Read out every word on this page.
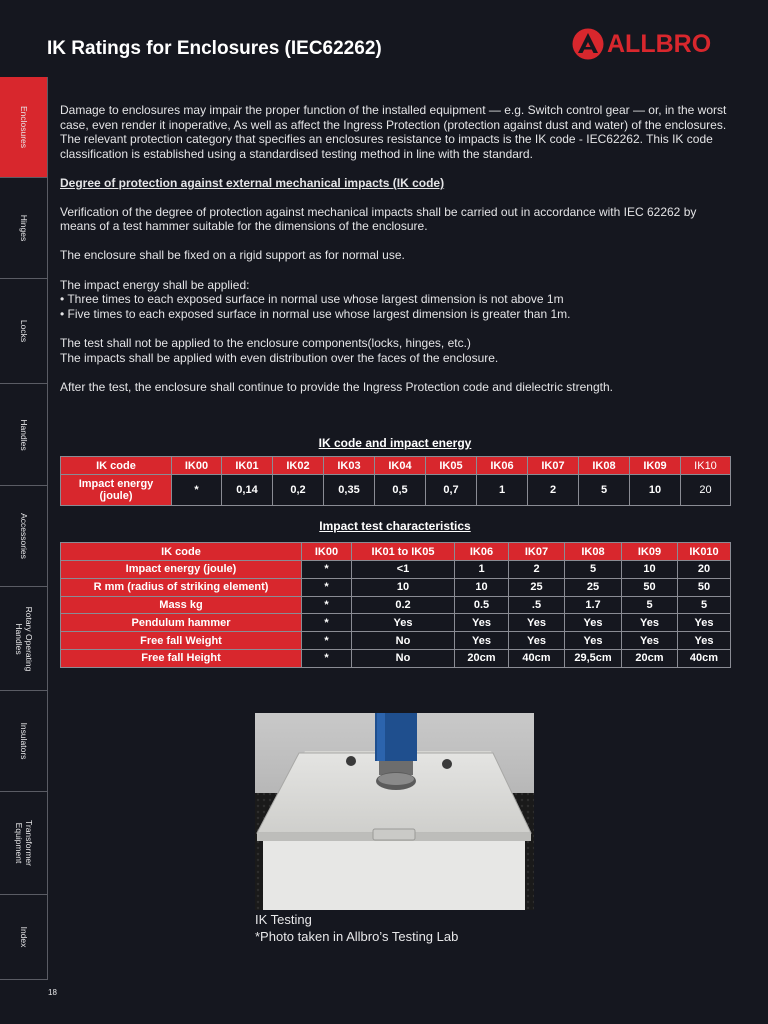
IK Ratings for Enclosures (IEC62262)	ALLBRO
Enclosures
Hinges
Locks
Handles
Accessories
Rotary Operating Handles
Insulators
Transformer Equipment
Index

Damage to enclosures may impair the proper function of the installed equipment — e.g. Switch control gear — or, in the worst case, even render it inoperative, As well as affect the Ingress Protection (protection against dust and water) of the enclosures. The relevant protection category that specifies an enclosures resistance to impacts is the IK code - IEC62262. This IK code classification is established using a standardised testing method in line with the standard.

Degree of protection against external mechanical impacts (IK code)

Verification of the degree of protection against mechanical impacts shall be carried out in accordance with IEC 62262 by means of a test hammer suitable for the dimensions of the enclosure.

The enclosure shall be fixed on a rigid support as for normal use.

The impact energy shall be applied:

• Three times to each exposed surface in normal use whose largest dimension is not above 1m

• Five times to each exposed surface in normal use whose largest dimension is greater than 1m.

The test shall not be applied to the enclosure components(locks, hinges, etc.)

The impacts shall be applied with even distribution over the faces of the enclosure.

After the test, the enclosure shall continue to provide the Ingress Protection code and dielectric strength.

IK code and impact energy
IK code	IK00	IK01	IK02	IK03	IK04	IK05	IK06	IK07	IK08	IK09	IK10
Impact energy (joule)	*	0,14	0,2	0,35	0,5	0,7	1	2	5	10	20
Impact test characteristics
IK code	IK00	IK01 to IK05	IK06	IK07	IK08	IK09	IK010
Impact energy (joule)	*	<1	1	2	5	10	20
R mm (radius of striking element)	*	10	10	25	25	50	50
Mass kg	*	0.2	0.5	.5	1.7	5	5
Pendulum hammer	*	Yes	Yes	Yes	Yes	Yes	Yes
Free fall Weight	*	No	Yes	Yes	Yes	Yes	Yes
Free fall Height	*	No	20cm	40cm	29,5cm	20cm	40cm
IK Testing
*Photo taken in Allbro’s Testing Lab
18
